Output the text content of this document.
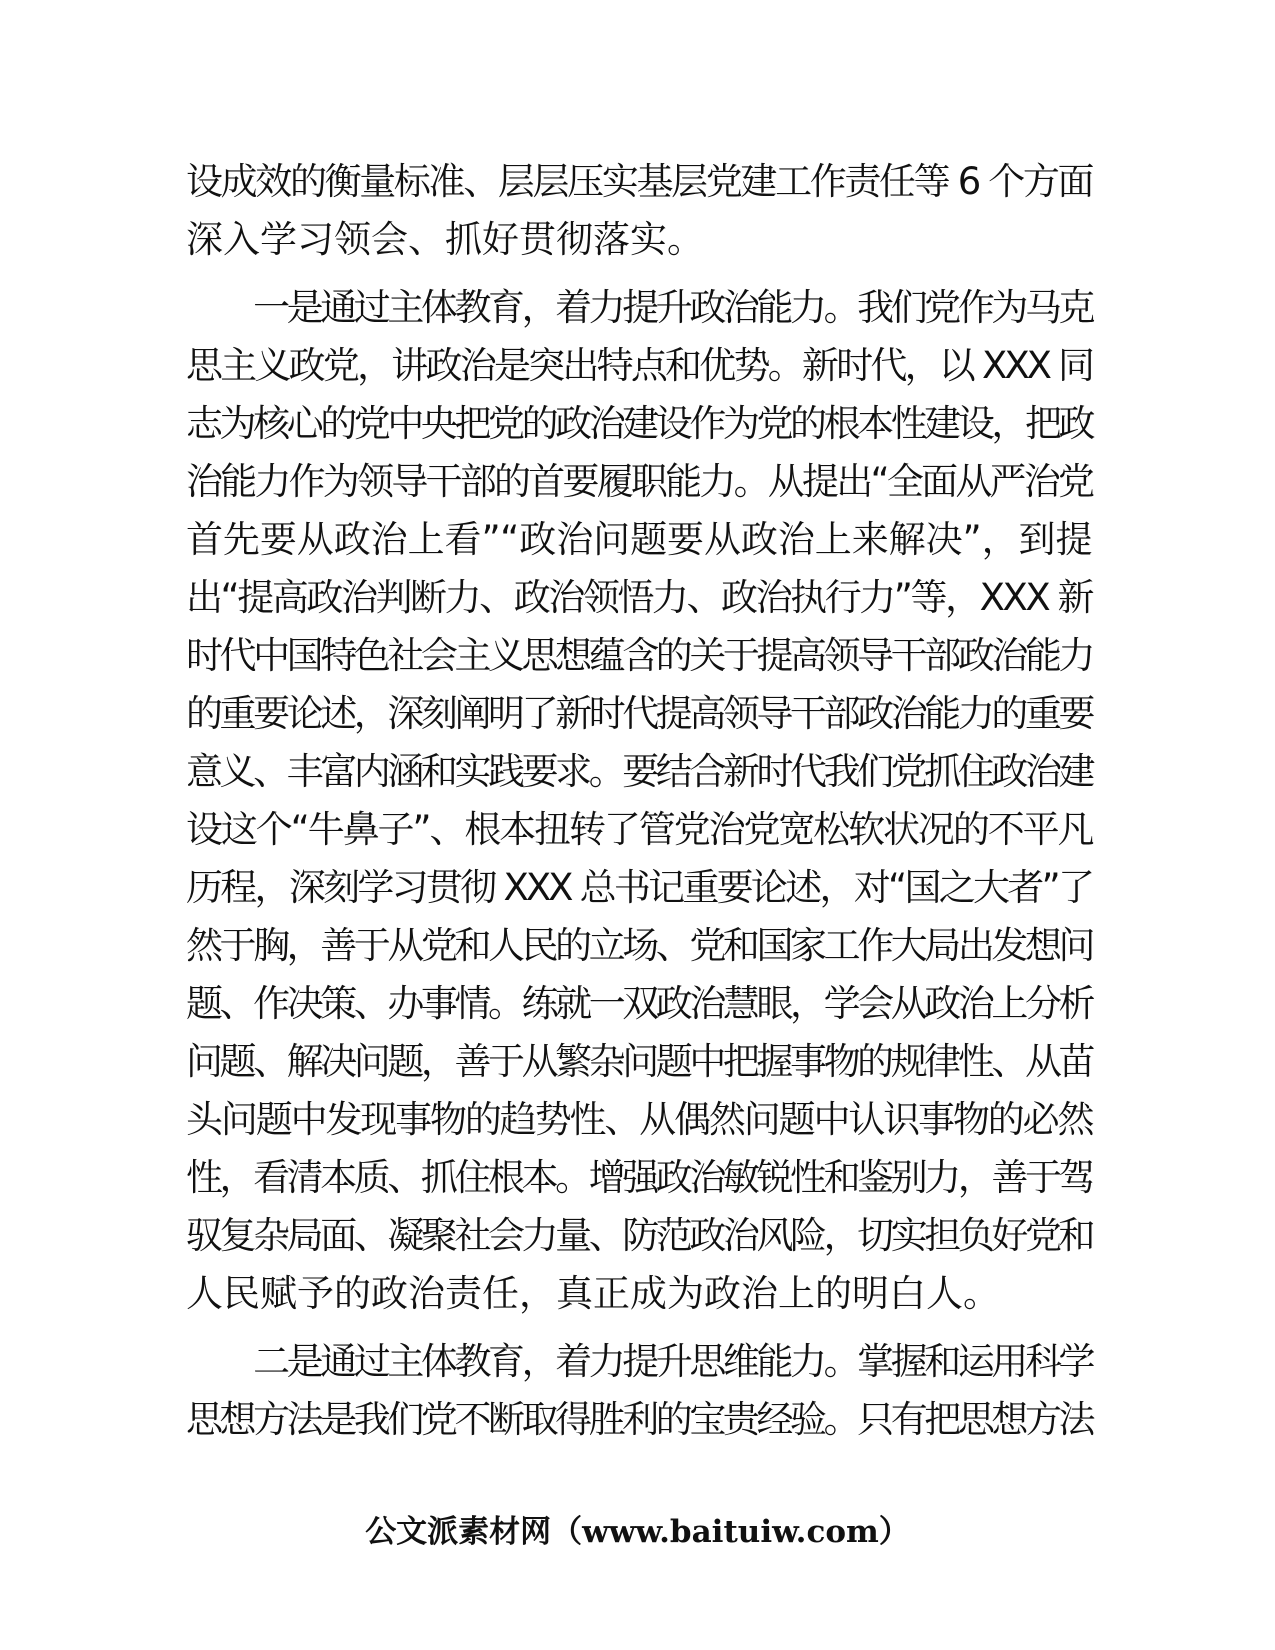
设成效的衡量标准、层层压实基层党建工作责任等 6 个方面
深入学习领会、抓好贯彻落实。
　　一是通过主体教育，着力提升政治能力。我们党作为马克
思主义政党，讲政治是突出特点和优势。新时代，以 XXX 同
志为核心的党中央把党的政治建设作为党的根本性建设，把政
治能力作为领导干部的首要履职能力。从提出“全面从严治党
首先要从政治上看”“政治问题要从政治上来解决”，到提
出“提高政治判断力、政治领悟力、政治执行力”等，XXX 新
时代中国特色社会主义思想蕴含的关于提高领导干部政治能力
的重要论述，深刻阐明了新时代提高领导干部政治能力的重要
意义、丰富内涵和实践要求。要结合新时代我们党抓住政治建
设这个“牛鼻子”、根本扭转了管党治党宽松软状况的不平凡
历程，深刻学习贯彻 XXX 总书记重要论述，对“国之大者”了
然于胸，善于从党和人民的立场、党和国家工作大局出发想问
题、作决策、办事情。练就一双政治慧眼，学会从政治上分析
问题、解决问题，善于从繁杂问题中把握事物的规律性、从苗
头问题中发现事物的趋势性、从偶然问题中认识事物的必然
性，看清本质、抓住根本。增强政治敏锐性和鉴别力，善于驾
驭复杂局面、凝聚社会力量、防范政治风险，切实担负好党和
人民赋予的政治责任，真正成为政治上的明白人。
　　二是通过主体教育，着力提升思维能力。掌握和运用科学
思想方法是我们党不断取得胜利的宝贵经验。只有把思想方法
公文派素材网（www.baituiw.com）
